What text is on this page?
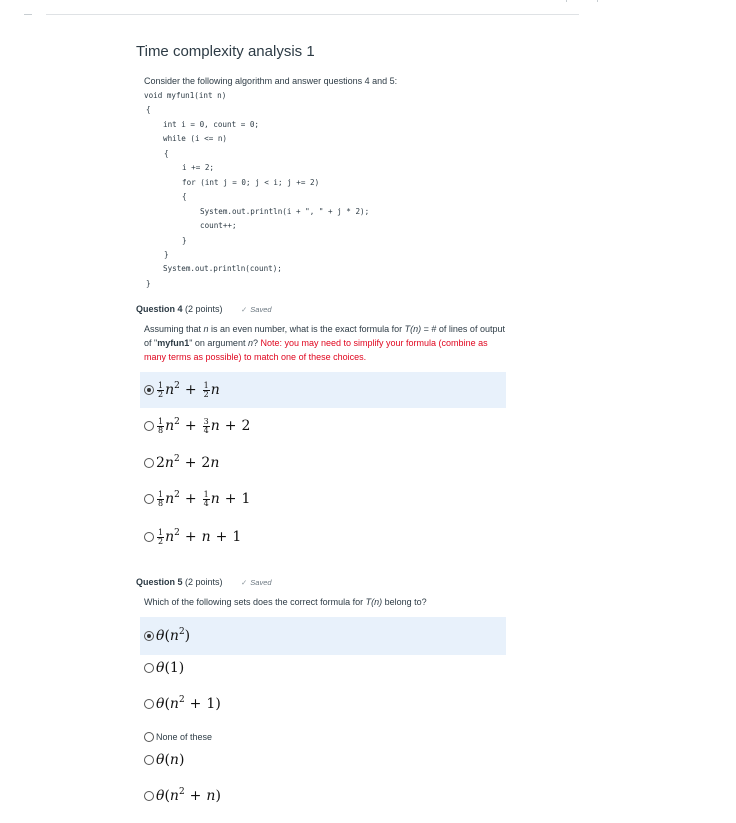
Time complexity analysis 1
Consider the following algorithm and answer questions 4 and 5:
void myfun1(int n)
{
int i = 0, count = 0;
while (i <= n)
{
i += 2;
for (int j = 0; j < i; j += 2)
{
System.out.println(i + ", " + j * 2);
count++;
}
}
System.out.println(count);
}
Question 4 (2 points) ✓ Saved
Assuming that n is an even number, what is the exact formula for T(n) = # of lines of output of "myfun1" on argument n? Note: you may need to simplify your formula (combine as many terms as possible) to match one of these choices.
$\frac{1}{2}$ n $2 + \frac{1}{2}$ n
$\frac{1}{8}$ n $2 + \frac{3}{4}$ n + 2
2 n 2 + 2 n
$\frac{1}{8}$ n $2 + \frac{1}{4}$ n + 1
$\frac{1}{2}$ n 2 + n + 1
Question 5 (2 points) ✓ Saved
Which of the following sets does the correct formula for T(n) belong to?
θ ( n 2 )
θ (1)
θ ( n 2 + 1)
None of these
θ ( n )
θ ( n 2 + n )
